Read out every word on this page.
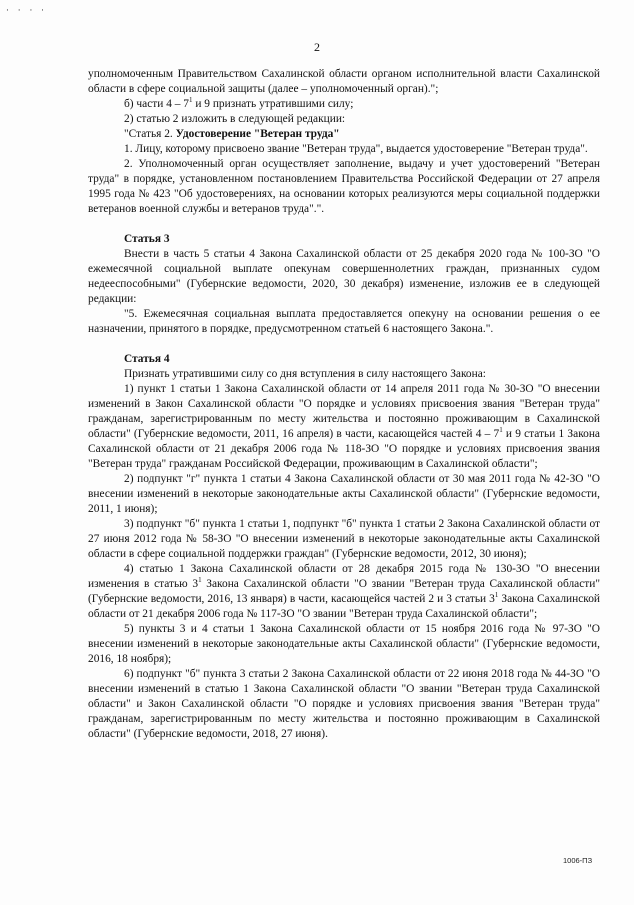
· · · ·
2

уполномоченным Правительством Сахалинской области органом исполнительной власти Сахалинской области в сфере социальной защиты (далее – уполномоченный орган).";

б) части $4 - 7^1$ и 9 признать утратившими силу;

2) статью 2 изложить в следующей редакции:

"Статья 2. Удостоверение "Ветеран труда"

1. Лицу, которому присвоено звание "Ветеран труда", выдается удостоверение "Ветеран труда".

2. Уполномоченный орган осуществляет заполнение, выдачу и учет удостоверений "Ветеран труда" в порядке, установленном постановлением Правительства Российской Федерации от 27 апреля 1995 года № 423 "Об удостоверениях, на основании которых реализуются меры социальной поддержки ветеранов военной службы и ветеранов труда".".

Статья 3

Внести в часть 5 статьи 4 Закона Сахалинской области от 25 декабря 2020 года № 100-ЗО "О ежемесячной социальной выплате опекунам совершеннолетних граждан, признанных судом недееспособными" (Губернские ведомости, 2020, 30 декабря) изменение, изложив ее в следующей редакции:

"5. Ежемесячная социальная выплата предоставляется опекуну на основании решения о ее назначении, принятого в порядке, предусмотренном статьей 6 настоящего Закона.".

Статья 4

Признать утратившими силу со дня вступления в силу настоящего Закона:

1) пункт 1 статьи 1 Закона Сахалинской области от 14 апреля 2011 года № 30-ЗО "О внесении изменений в Закон Сахалинской области "О порядке и условиях присвоения звания "Ветеран труда" гражданам, зарегистрированным по месту жительства и постоянно проживающим в Сахалинской области" (Губернские ведомости, 2011, 16 апреля) в части, касающейся частей $4 - 7^1$ и 9 статьи 1 Закона Сахалинской области от 21 декабря 2006 года № 118-ЗО "О порядке и условиях присвоения звания "Ветеран труда" гражданам Российской Федерации, проживающим в Сахалинской области";

2) подпункт "г" пункта 1 статьи 4 Закона Сахалинской области от 30 мая 2011 года № 42-ЗО "О внесении изменений в некоторые законодательные акты Сахалинской области" (Губернские ведомости, 2011, 1 июня);

3) подпункт "б" пункта 1 статьи 1, подпункт "б" пункта 1 статьи 2 Закона Сахалинской области от 27 июня 2012 года № 58-ЗО "О внесении изменений в некоторые законодательные акты Сахалинской области в сфере социальной поддержки граждан" (Губернские ведомости, 2012, 30 июня);

4) статью 1 Закона Сахалинской области от 28 декабря 2015 года № 130-ЗО "О внесении изменения в статью $3^1$ Закона Сахалинской области "О звании "Ветеран труда Сахалинской области" (Губернские ведомости, 2016, 13 января) в части, касающейся частей 2 и 3 статьи $3^1$ Закона Сахалинской области от 21 декабря 2006 года № 117-ЗО "О звании "Ветеран труда Сахалинской области";

5) пункты 3 и 4 статьи 1 Закона Сахалинской области от 15 ноября 2016 года № 97-ЗО "О внесении изменений в некоторые законодательные акты Сахалинской области" (Губернские ведомости, 2016, 18 ноября);

6) подпункт "б" пункта 3 статьи 2 Закона Сахалинской области от 22 июня 2018 года № 44-ЗО "О внесении изменений в статью 1 Закона Сахалинской области "О звании "Ветеран труда Сахалинской области" и Закон Сахалинской области "О порядке и условиях присвоения звания "Ветеран труда" гражданам, зарегистрированным по месту жительства и постоянно проживающим в Сахалинской области" (Губернские ведомости, 2018, 27 июня).

1006-ПЗ
